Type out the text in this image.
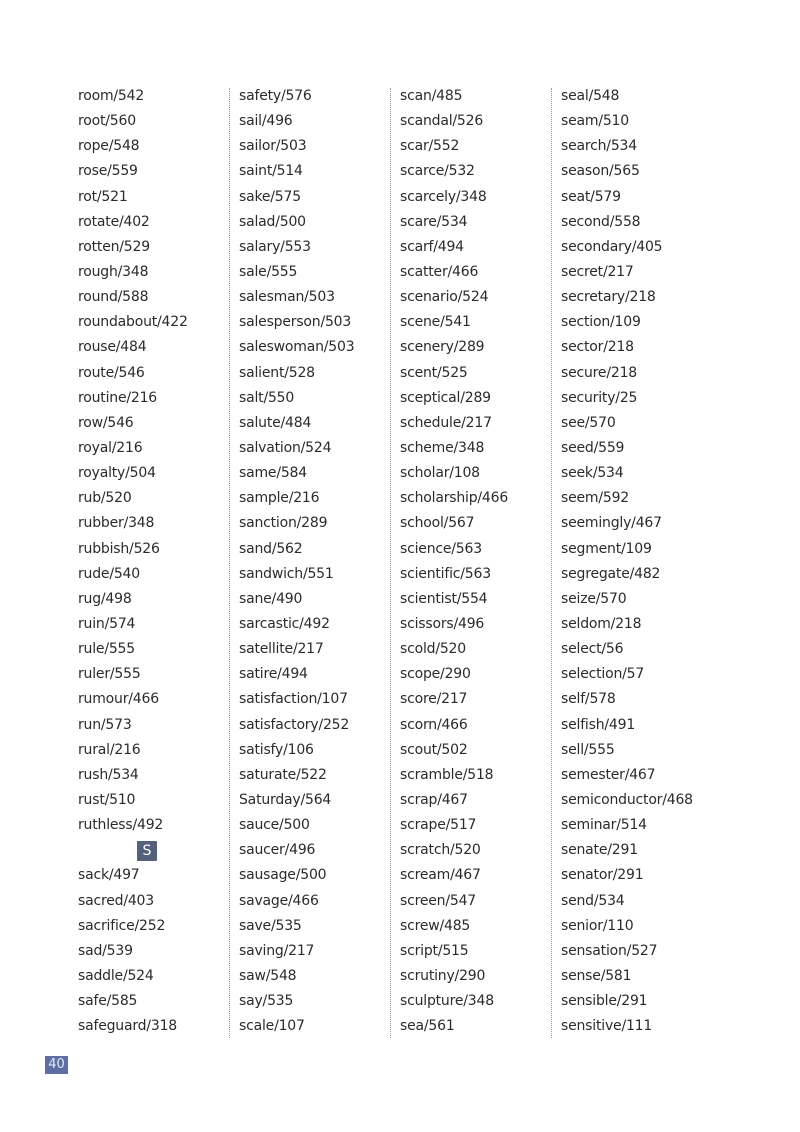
room/542
root/560
rope/548
rose/559
rot/521
rotate/402
rotten/529
rough/348
round/588
roundabout/422
rouse/484
route/546
routine/216
row/546
royal/216
royalty/504
rub/520
rubber/348
rubbish/526
rude/540
rug/498
ruin/574
rule/555
ruler/555
rumour/466
run/573
rural/216
rush/534
rust/510
ruthless/492
S
sack/497
sacred/403
sacrifice/252
sad/539
saddle/524
safe/585
safeguard/318
safety/576
sail/496
sailor/503
saint/514
sake/575
salad/500
salary/553
sale/555
salesman/503
salesperson/503
saleswoman/503
salient/528
salt/550
salute/484
salvation/524
same/584
sample/216
sanction/289
sand/562
sandwich/551
sane/490
sarcastic/492
satellite/217
satire/494
satisfaction/107
satisfactory/252
satisfy/106
saturate/522
Saturday/564
sauce/500
saucer/496
sausage/500
savage/466
save/535
saving/217
saw/548
say/535
scale/107
scan/485
scandal/526
scar/552
scarce/532
scarcely/348
scare/534
scarf/494
scatter/466
scenario/524
scene/541
scenery/289
scent/525
sceptical/289
schedule/217
scheme/348
scholar/108
scholarship/466
school/567
science/563
scientific/563
scientist/554
scissors/496
scold/520
scope/290
score/217
scorn/466
scout/502
scramble/518
scrap/467
scrape/517
scratch/520
scream/467
screen/547
screw/485
script/515
scrutiny/290
sculpture/348
sea/561
seal/548
seam/510
search/534
season/565
seat/579
second/558
secondary/405
secret/217
secretary/218
section/109
sector/218
secure/218
security/25
see/570
seed/559
seek/534
seem/592
seemingly/467
segment/109
segregate/482
seize/570
seldom/218
select/56
selection/57
self/578
selfish/491
sell/555
semester/467
semiconductor/468
seminar/514
senate/291
senator/291
send/534
senior/110
sensation/527
sense/581
sensible/291
sensitive/111
40
